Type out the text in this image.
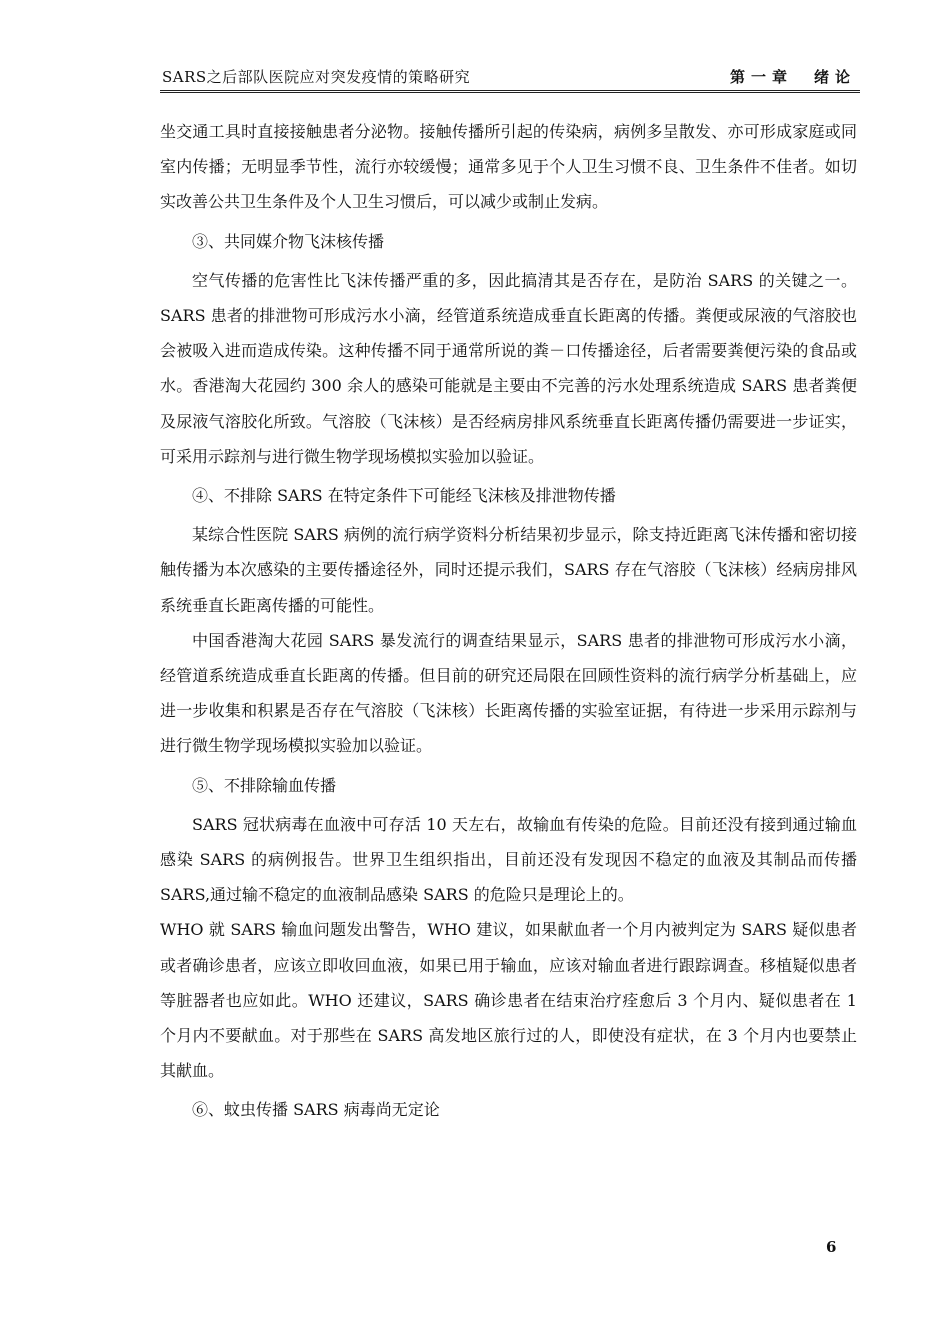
SARS之后部队医院应对突发疫情的策略研究	第一章　绪论

坐交通工具时直接接触患者分泌物。接触传播所引起的传染病，病例多呈散发、亦可形成家庭或同室内传播；无明显季节性，流行亦较缓慢；通常多见于个人卫生习惯不良、卫生条件不佳者。如切实改善公共卫生条件及个人卫生习惯后，可以减少或制止发病。

③、共同媒介物飞沫核传播

空气传播的危害性比飞沫传播严重的多，因此搞清其是否存在，是防治 SARS 的关键之一。SARS 患者的排泄物可形成污水小滴，经管道系统造成垂直长距离的传播。粪便或尿液的气溶胶也会被吸入进而造成传染。这种传播不同于通常所说的粪－口传播途径，后者需要粪便污染的食品或水。香港淘大花园约 300 余人的感染可能就是主要由不完善的污水处理系统造成 SARS 患者粪便及尿液气溶胶化所致。气溶胶（飞沫核）是否经病房排风系统垂直长距离传播仍需要进一步证实，可采用示踪剂与进行微生物学现场模拟实验加以验证。

④、不排除 SARS 在特定条件下可能经飞沫核及排泄物传播

某综合性医院 SARS 病例的流行病学资料分析结果初步显示，除支持近距离飞沫传播和密切接触传播为本次感染的主要传播途径外，同时还提示我们，SARS 存在气溶胶（飞沫核）经病房排风系统垂直长距离传播的可能性。

中国香港淘大花园 SARS 暴发流行的调查结果显示，SARS 患者的排泄物可形成污水小滴，经管道系统造成垂直长距离的传播。但目前的研究还局限在回顾性资料的流行病学分析基础上，应进一步收集和积累是否存在气溶胶（飞沫核）长距离传播的实验室证据，有待进一步采用示踪剂与进行微生物学现场模拟实验加以验证。

⑤、不排除输血传播

SARS 冠状病毒在血液中可存活 10 天左右，故输血有传染的危险。目前还没有接到通过输血感染 SARS 的病例报告。世界卫生组织指出，目前还没有发现因不稳定的血液及其制品而传播 SARS,通过输不稳定的血液制品感染 SARS 的危险只是理论上的。

WHO 就 SARS 输血问题发出警告，WHO 建议，如果献血者一个月内被判定为 SARS 疑似患者或者确诊患者，应该立即收回血液，如果已用于输血，应该对输血者进行跟踪调查。移植疑似患者等脏器者也应如此。WHO 还建议，SARS 确诊患者在结束治疗痊愈后 3 个月内、疑似患者在 1 个月内不要献血。对于那些在 SARS 高发地区旅行过的人，即使没有症状，在 3 个月内也要禁止其献血。

⑥、蚊虫传播 SARS 病毒尚无定论

6
